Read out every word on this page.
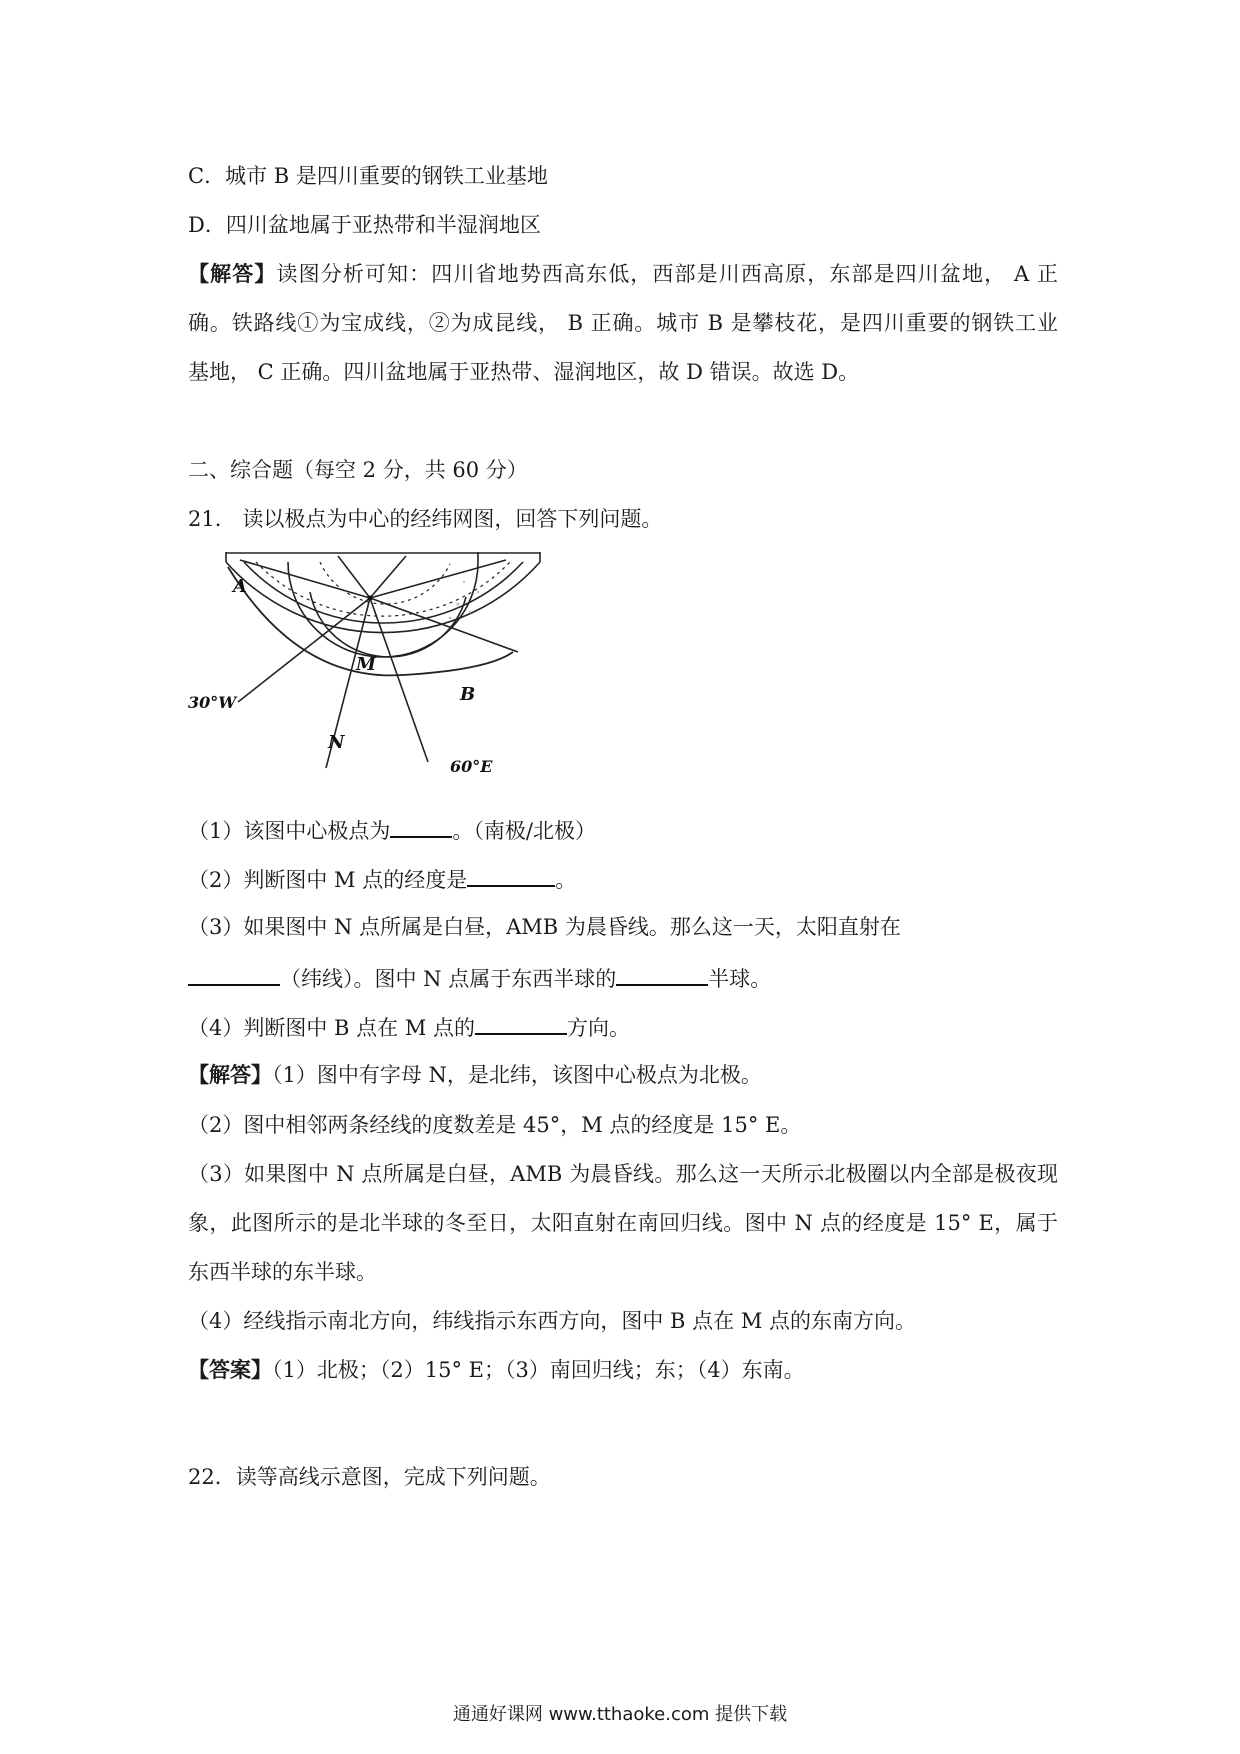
C．城市 B 是四川重要的钢铁工业基地
D．四川盆地属于亚热带和半湿润地区
【解答】读图分析可知：四川省地势西高东低，西部是川西高原，东部是四川盆地， A 正
确。铁路线①为宝成线，②为成昆线， B 正确。城市 B 是攀枝花，是四川重要的钢铁工业
基地， C 正确。四川盆地属于亚热带、湿润地区，故 D 错误。故选 D。
二、综合题（每空 2 分，共 60 分）
21.　读以极点为中心的经纬网图，回答下列问题。
A
M
B
N
30°W
60°E
（1）该图中心极点为	。（南极/北极）
（2）判断图中 M 点的经度是	。
（3）如果图中 N 点所属是白昼，AMB 为晨昏线。那么这一天，太阳直射在
（纬线）。图中 N 点属于东西半球的	半球。
（4）判断图中 B 点在 M 点的	方向。
【解答】（1）图中有字母 N，是北纬，该图中心极点为北极。
（2）图中相邻两条经线的度数差是 45°，M 点的经度是 15° E。
（3）如果图中 N 点所属是白昼，AMB 为晨昏线。那么这一天所示北极圈以内全部是极夜现
象，此图所示的是北半球的冬至日，太阳直射在南回归线。图中 N 点的经度是 15° E，属于
东西半球的东半球。
（4）经线指示南北方向，纬线指示东西方向，图中 B 点在 M 点的东南方向。
【答案】（1）北极；（2）15° E；（3）南回归线；东；（4）东南。
22．读等高线示意图，完成下列问题。
通通好课网 www.tthaoke.com 提供下载
